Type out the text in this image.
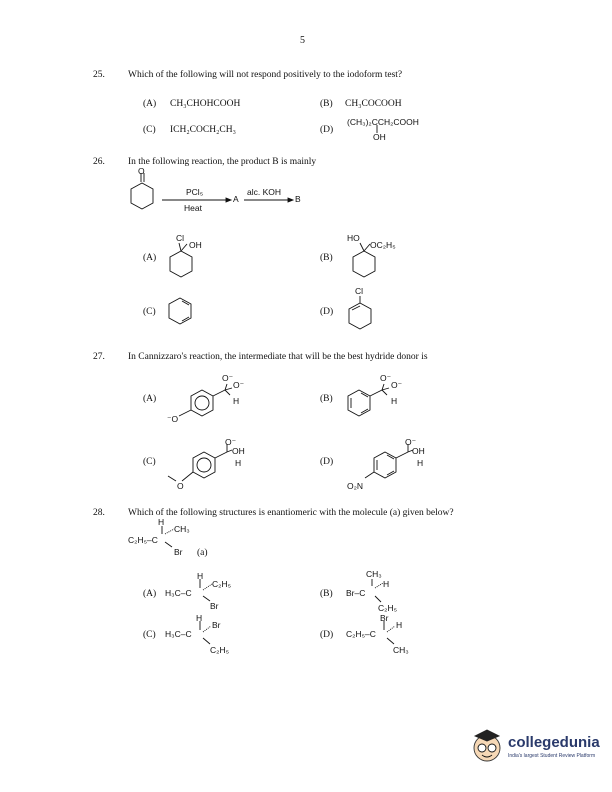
5
25. Which of the following will not respond positively to the iodoform test?
(A) CH₃CHOHCOOH	(B) CH₃COCOOH
(C) ICH₂COCH₂CH₃	(D)
(CH₃)₂CCH₂COOH
OH
26. In the following reaction, the product B is mainly
O
PCl₅
Heat
A
alc. KOH
B
(A)
Cl
OH
(B)
HO
OC₂H₅
(C)	(D)
Cl
27. In Cannizzaro's reaction, the intermediate that will be the best hydride donor is
(A)
O⁻
O⁻
H
⁻O
(B)
O⁻
O⁻
H
(C)
O⁻
OH
H
O
(D)
O⁻
OH
H
O₂N
28. Which of the following structures is enantiomeric with the molecule (a) given below?
H
CH₃
C₂H₅–C
Br (a)
(A)
H
C₂H₅
H₃C–C
Br
(B)
CH₃
H
Br–C
C₂H₅
(C)
H
Br
H₃C–C
C₂H₅
(D)
Br
H
C₂H₅–C
CH₃
collegedunia
India's largest Student Review Platform
